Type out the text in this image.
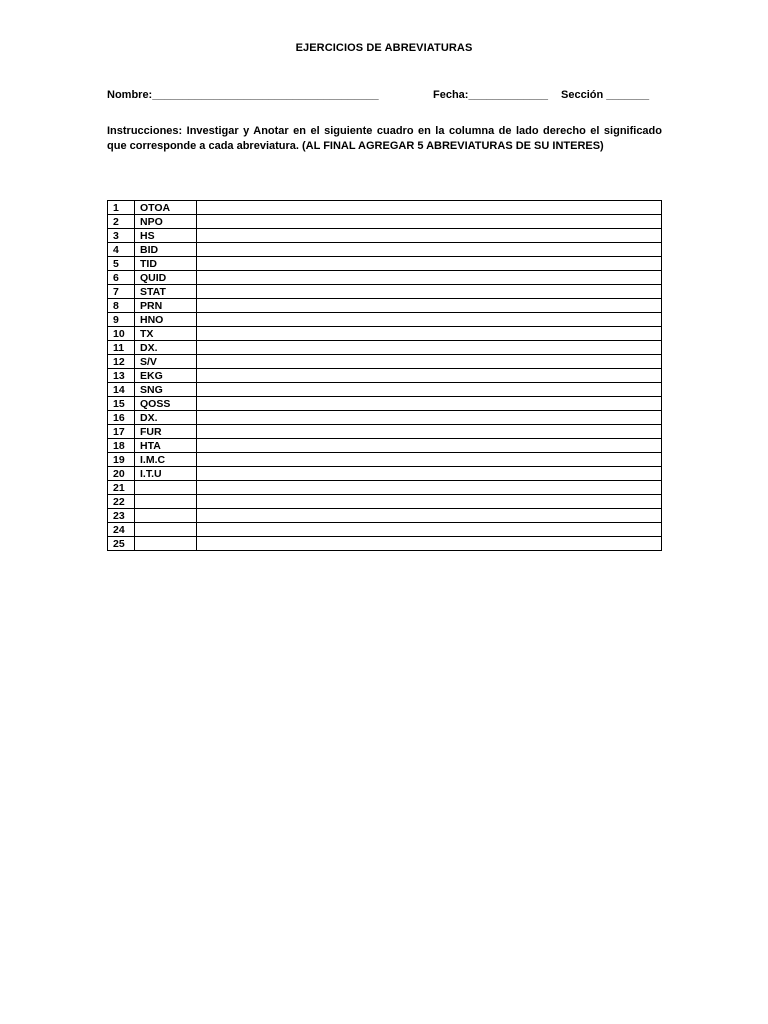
EJERCICIOS DE ABREVIATURAS
Nombre:_____________________________________	Fecha:_____________ Sección _______
Instrucciones: Investigar y Anotar en el siguiente cuadro en la columna de lado derecho el significado que corresponde a cada abreviatura. (AL FINAL AGREGAR 5 ABREVIATURAS DE SU INTERES)
1	OTOA	
2	NPO	
3	HS	
4	BID	
5	TID	
6	QUID	
7	STAT	
8	PRN	
9	HNO	
10	TX	
11	DX.	
12	S/V	
13	EKG	
14	SNG	
15	QOSS	
16	DX.	
17	FUR	
18	HTA	
19	I.M.C	
20	I.T.U	
21		
22		
23		
24		
25		
